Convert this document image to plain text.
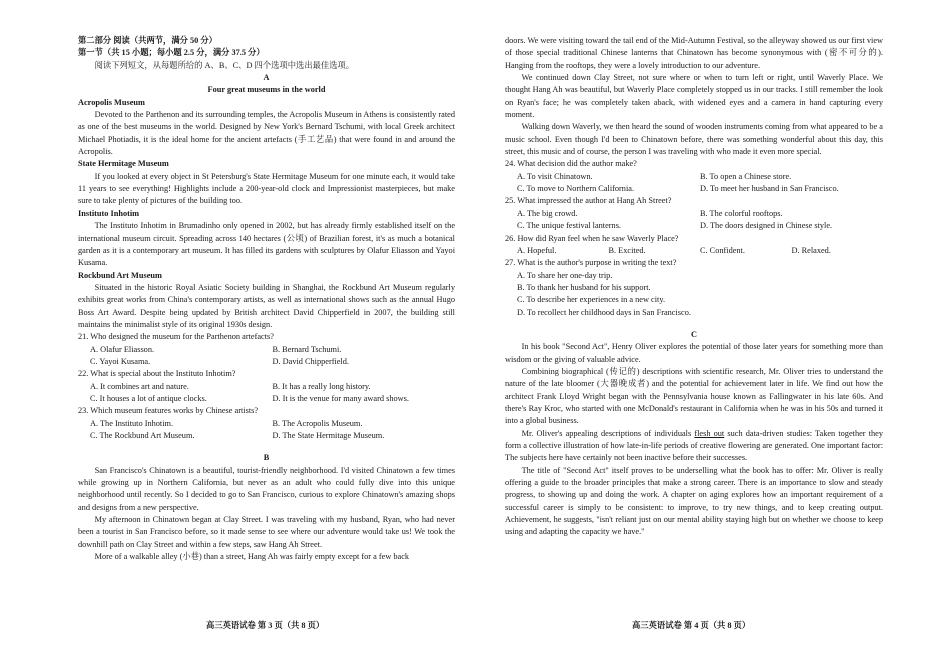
第二部分 阅读（共两节，满分 50 分）

第一节（共 15 小题；每小题 2.5 分，满分 37.5 分）

阅读下列短文，从每题所给的 A、B、C、D 四个选项中选出最佳选项。

A

Four great museums in the world

Acropolis Museum

Devoted to the Parthenon and its surrounding temples, the Acropolis Museum in Athens is consistently rated as one of the best museums in the world. Designed by New York's Bernard Tschumi, with local Greek architect Michael Photiadis, it is the ideal home for the ancient artefacts (手工艺品) that were found in and around the Acropolis.

State Hermitage Museum

If you looked at every object in St Petersburg's State Hermitage Museum for one minute each, it would take 11 years to see everything! Highlights include a 200-year-old clock and Impressionist masterpieces, but make sure to take plenty of pictures of the building too.

Instituto Inhotim

The Instituto Inhotim in Brumadinho only opened in 2002, but has already firmly established itself on the international museum circuit. Spreading across 140 hectares (公顷) of Brazilian forest, it's as much a botanical garden as it is a contemporary art museum. It has filled its gardens with sculptures by Olafur Eliasson and Yayoi Kusama.

Rockbund Art Museum

Situated in the historic Royal Asiatic Society building in Shanghai, the Rockbund Art Museum regularly exhibits great works from China's contemporary artists, as well as international shows such as the annual Hugo Boss Art Award. Despite being updated by British architect David Chipperfield in 2007, the building still maintains the minimalist style of its original 1930s design.

21. Who designed the museum for the Parthenon artefacts?

A. Olafur Eliasson.	B. Bernard Tschumi.
C. Yayoi Kusama.	D. David Chipperfield.

22. What is special about the Instituto Inhotim?

A. It combines art and nature.	B. It has a really long history.
C. It houses a lot of antique clocks.	D. It is the venue for many award shows.

23. Which museum features works by Chinese artists?

A. The Instituto Inhotim.	B. The Acropolis Museum.
C. The Rockbund Art Museum.	D. The State Hermitage Museum.

B

San Francisco's Chinatown is a beautiful, tourist-friendly neighborhood. I'd visited Chinatown a few times while growing up in Northern California, but never as an adult who could fully dive into this unique neighborhood until recently. So I decided to go to San Francisco, curious to explore Chinatown's amazing shops and designs from a new perspective.

My afternoon in Chinatown began at Clay Street. I was traveling with my husband, Ryan, who had never been a tourist in San Francisco before, so it made sense to see where our adventure would take us! We took the downhill path on Clay Street and within a few steps, saw Hang Ah Street.

More of a walkable alley (小巷) than a street, Hang Ah was fairly empty except for a few back

高三英语试卷 第 3 页（共 8 页）

doors. We were visiting toward the tail end of the Mid-Autumn Festival, so the alleyway showed us our first view of those special traditional Chinese lanterns that Chinatown has become synonymous with (密不可分的). Hanging from the rooftops, they were a lovely introduction to our adventure.

We continued down Clay Street, not sure where or when to turn left or right, until Waverly Place. We thought Hang Ah was beautiful, but Waverly Place completely stopped us in our tracks. I still remember the look on Ryan's face; he was completely taken aback, with widened eyes and a camera in hand capturing every moment.

Walking down Waverly, we then heard the sound of wooden instruments coming from what appeared to be a music school. Even though I'd been to Chinatown before, there was something wonderful about this day, this street, this music and of course, the person I was traveling with who made it even more special.

24. What decision did the author make?

A. To visit Chinatown.	B. To open a Chinese store.
C. To move to Northern California.	D. To meet her husband in San Francisco.

25. What impressed the author at Hang Ah Street?

A. The big crowd.	B. The colorful rooftops.
C. The unique festival lanterns.	D. The doors designed in Chinese style.

26. How did Ryan feel when he saw Waverly Place?

A. Hopeful.	B. Excited.	C. Confident.	D. Relaxed.

27. What is the author's purpose in writing the text?

A. To share her one-day trip.

B. To thank her husband for his support.

C. To describe her experiences in a new city.

D. To recollect her childhood days in San Francisco.

C

In his book "Second Act", Henry Oliver explores the potential of those later years for something more than wisdom or the giving of valuable advice.

Combining biographical (传记的) descriptions with scientific research, Mr. Oliver tries to understand the nature of the late bloomer (大器晚成者) and the potential for achievement later in life. We find out how the architect Frank Lloyd Wright began with the Pennsylvania house known as Fallingwater in his late 60s. And there's Ray Kroc, who started with one McDonald's restaurant in California when he was in his 50s and turned it into a global business.

Mr. Oliver's appealing descriptions of individuals flesh out such data-driven studies: Taken together they form a collective illustration of how late-in-life periods of creative flowering are generated. One important factor: The subjects here have certainly not been inactive before their successes.

The title of "Second Act" itself proves to be underselling what the book has to offer: Mr. Oliver is really offering a guide to the broader principles that make a strong career. There is an importance to slow and steady progress, to showing up and doing the work. A chapter on aging explores how an important requirement of a successful career is simply to be consistent: to improve, to try new things, and to keep creating output. Achievement, he suggests, "isn't reliant just on our mental ability staying high but on whether we choose to keep using and adapting the capacity we have."

高三英语试卷 第 4 页（共 8 页）
